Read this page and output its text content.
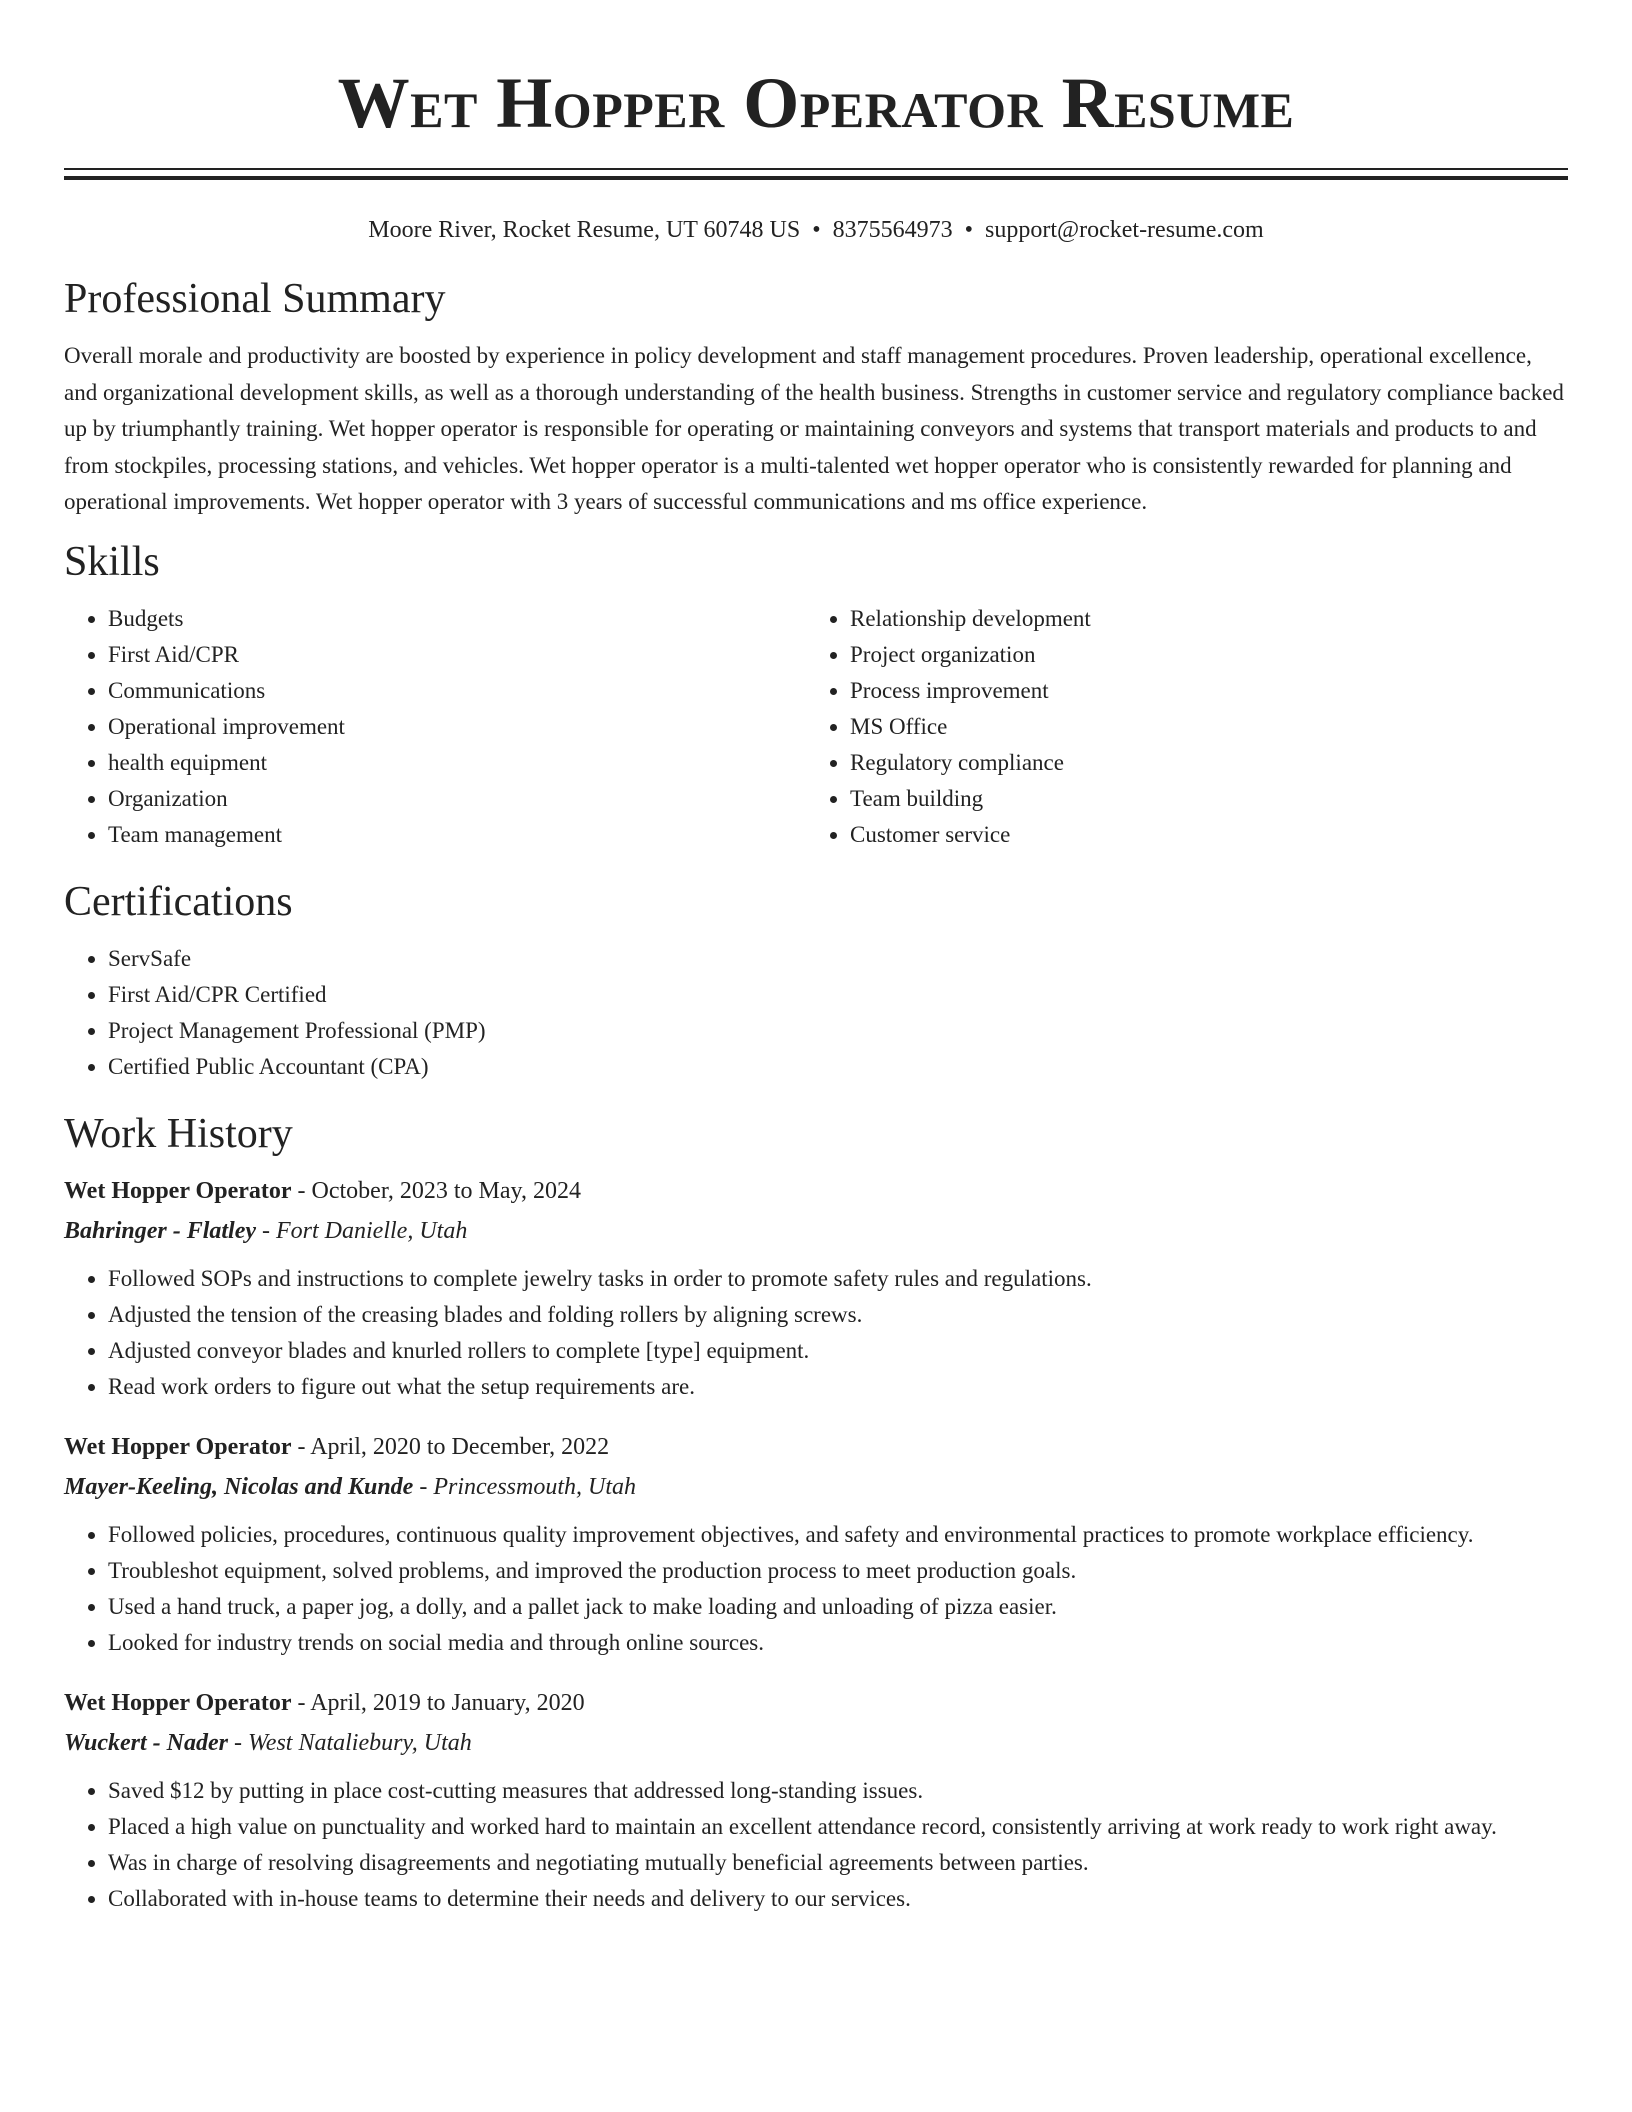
Wet Hopper Operator Resume
Moore River, Rocket Resume, UT 60748 US • 8375564973 • support@rocket-resume.com
Professional Summary
Overall morale and productivity are boosted by experience in policy development and staff management procedures. Proven leadership, operational excellence, and organizational development skills, as well as a thorough understanding of the health business. Strengths in customer service and regulatory compliance backed up by triumphantly training. Wet hopper operator is responsible for operating or maintaining conveyors and systems that transport materials and products to and from stockpiles, processing stations, and vehicles. Wet hopper operator is a multi-talented wet hopper operator who is consistently rewarded for planning and operational improvements. Wet hopper operator with 3 years of successful communications and ms office experience.
Skills
• Budgets
• First Aid/CPR
• Communications
• Operational improvement
• health equipment
• Organization
• Team management
• Relationship development
• Project organization
• Process improvement
• MS Office
• Regulatory compliance
• Team building
• Customer service
Certifications
• ServSafe
• First Aid/CPR Certified
• Project Management Professional (PMP)
• Certified Public Accountant (CPA)
Work History
Wet Hopper Operator - October, 2023 to May, 2024
Bahringer - Flatley - Fort Danielle, Utah
• Followed SOPs and instructions to complete jewelry tasks in order to promote safety rules and regulations.
• Adjusted the tension of the creasing blades and folding rollers by aligning screws.
• Adjusted conveyor blades and knurled rollers to complete [type] equipment.
• Read work orders to figure out what the setup requirements are.
Wet Hopper Operator - April, 2020 to December, 2022
Mayer-Keeling, Nicolas and Kunde - Princessmouth, Utah
• Followed policies, procedures, continuous quality improvement objectives, and safety and environmental practices to promote workplace efficiency.
• Troubleshot equipment, solved problems, and improved the production process to meet production goals.
• Used a hand truck, a paper jog, a dolly, and a pallet jack to make loading and unloading of pizza easier.
• Looked for industry trends on social media and through online sources.
Wet Hopper Operator - April, 2019 to January, 2020
Wuckert - Nader - West Nataliebury, Utah
• Saved $12 by putting in place cost-cutting measures that addressed long-standing issues.
• Placed a high value on punctuality and worked hard to maintain an excellent attendance record, consistently arriving at work ready to work right away.
• Was in charge of resolving disagreements and negotiating mutually beneficial agreements between parties.
• Collaborated with in-house teams to determine their needs and delivery to our services.
